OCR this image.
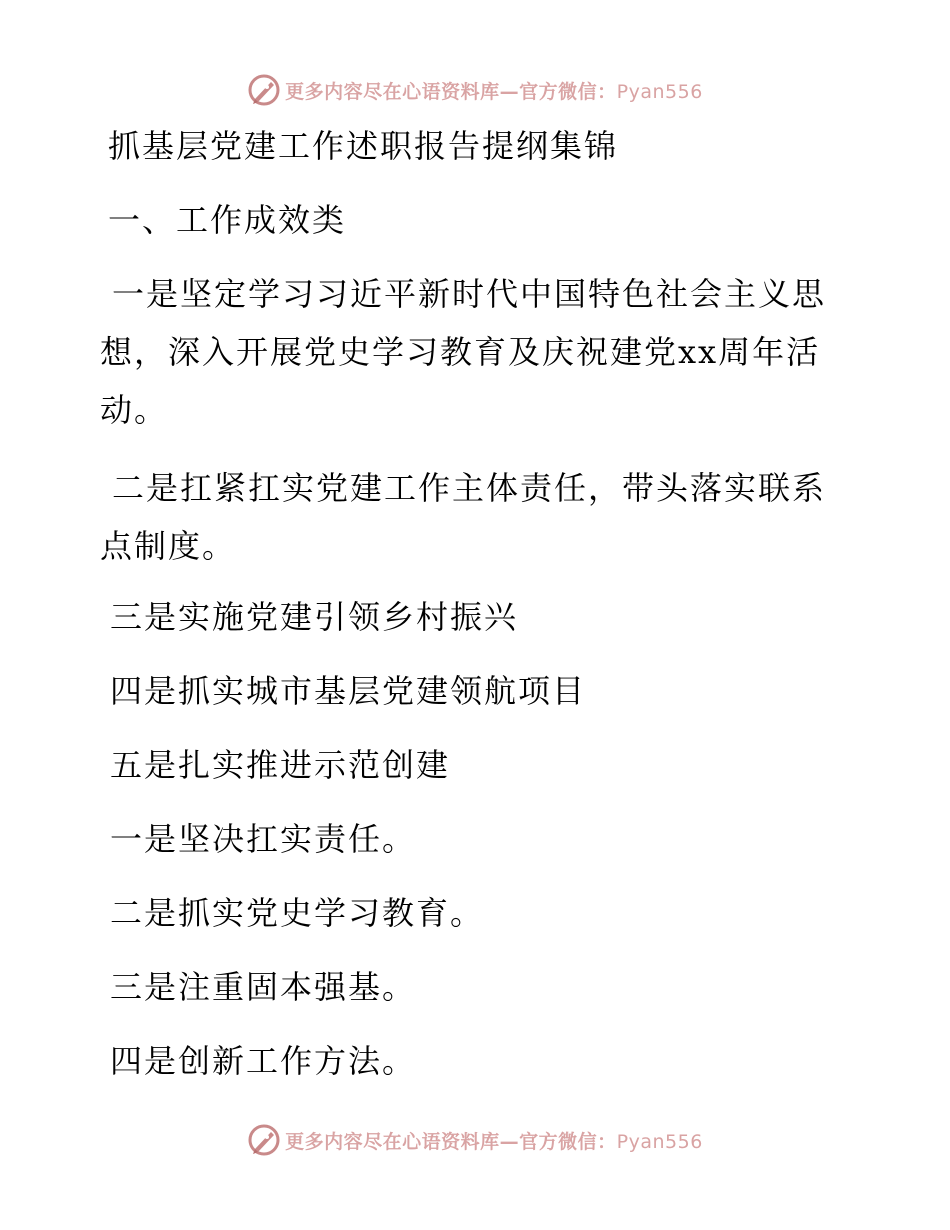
更多内容尽在心语资料库—官方微信：Pyan556
抓基层党建工作述职报告提纲集锦
一、工作成效类
一是坚定学习习近平新时代中国特色社会主义思想，深入开展党史学习教育及庆祝建党xx周年活动。
二是扛紧扛实党建工作主体责任，带头落实联系点制度。
三是实施党建引领乡村振兴
四是抓实城市基层党建领航项目
五是扎实推进示范创建
一是坚决扛实责任。
二是抓实党史学习教育。
三是注重固本强基。
四是创新工作方法。
更多内容尽在心语资料库—官方微信：Pyan556
